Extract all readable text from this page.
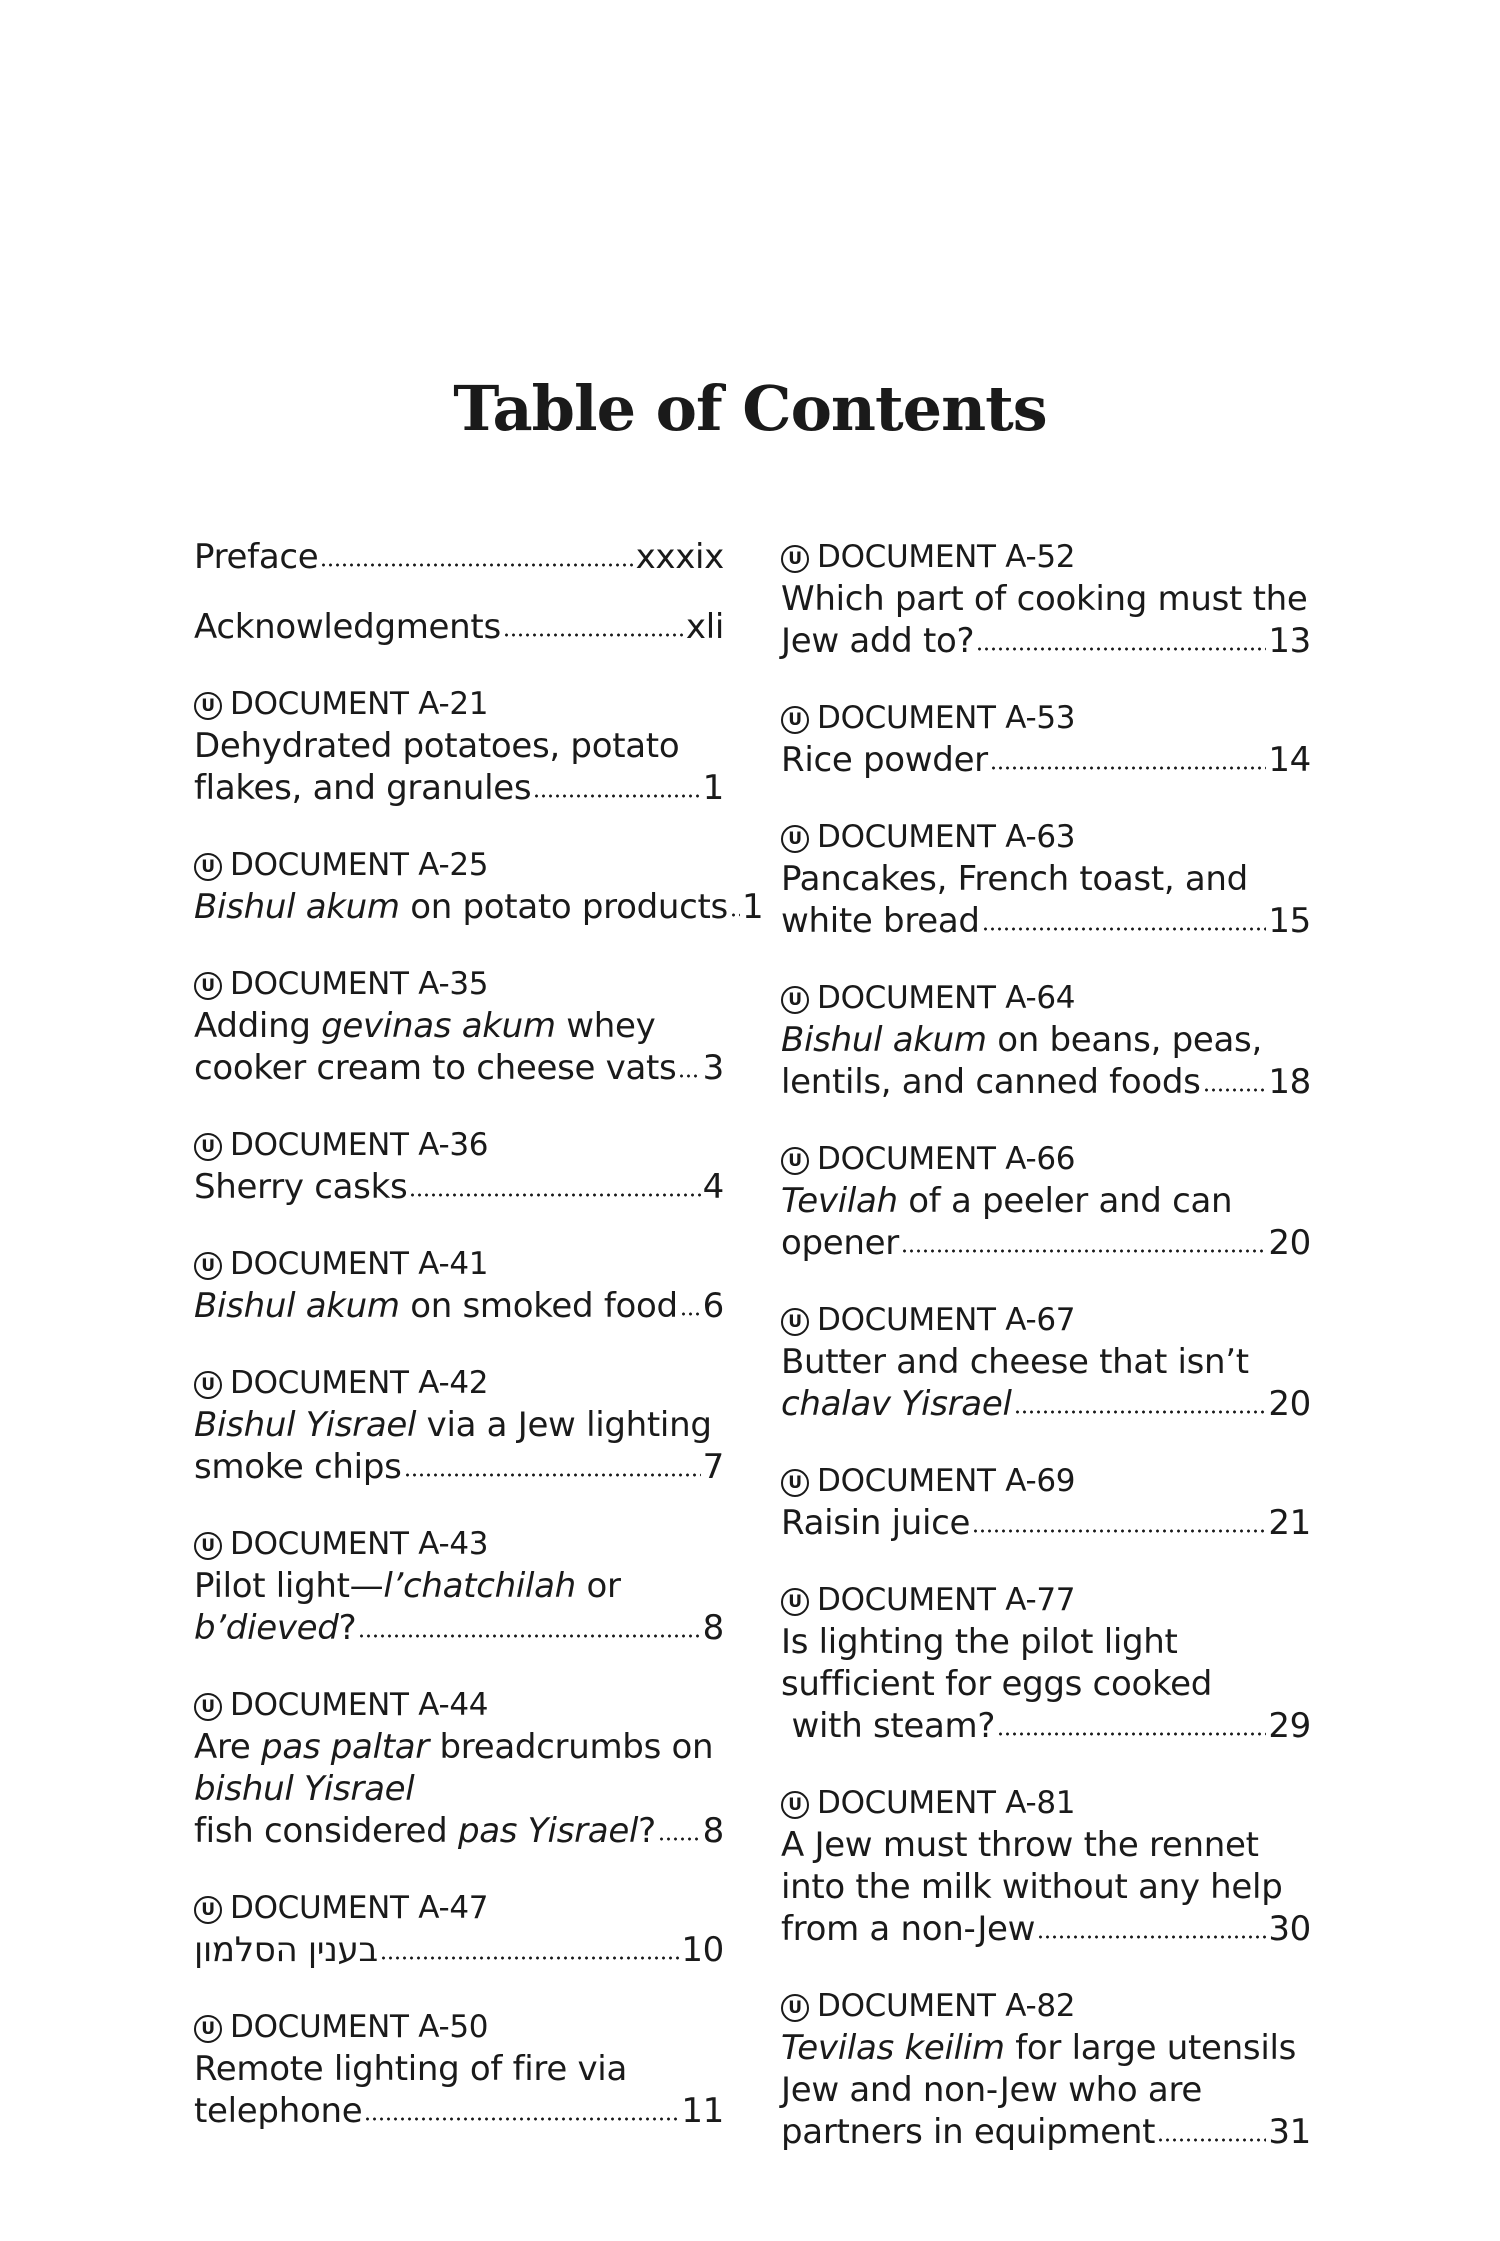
Table of Contents
Preface	xxxix
Acknowledgments	xli
U DOCUMENT A-21
Dehydrated potatoes, potato
flakes, and granules	1
U DOCUMENT A-25
Bishul akum on potato products 1
U DOCUMENT A-35
Adding gevinas akum whey
cooker cream to cheese vats 3
U DOCUMENT A-36
Sherry casks	4
U DOCUMENT A-41
Bishul akum on smoked food 6
U DOCUMENT A-42
Bishul Yisrael via a Jew lighting
smoke chips	7
U DOCUMENT A-43
Pilot light—l’chatchilah or
b’dieved?	8
U DOCUMENT A-44
Are pas paltar breadcrumbs on
bishul Yisrael
fish considered pas Yisrael? 8
U DOCUMENT A-47
בענין הסלמון	10
U DOCUMENT A-50
Remote lighting of fire via
telephone	11
U DOCUMENT A-52
Which part of cooking must the
Jew add to?	13
U DOCUMENT A-53
Rice powder	14
U DOCUMENT A-63
Pancakes, French toast, and
white bread	15
U DOCUMENT A-64
Bishul akum on beans, peas,
lentils, and canned foods 18
U DOCUMENT A-66
Tevilah of a peeler and can
opener	20
U DOCUMENT A-67
Butter and cheese that isn’t
chalav Yisrael	20
U DOCUMENT A-69
Raisin juice	21
U DOCUMENT A-77
Is lighting the pilot light
sufficient for eggs cooked
with steam?	29
U DOCUMENT A-81
A Jew must throw the rennet
into the milk without any help
from a non-Jew	30
U DOCUMENT A-82
Tevilas keilim for large utensils
Jew and non-Jew who are
partners in equipment	31
